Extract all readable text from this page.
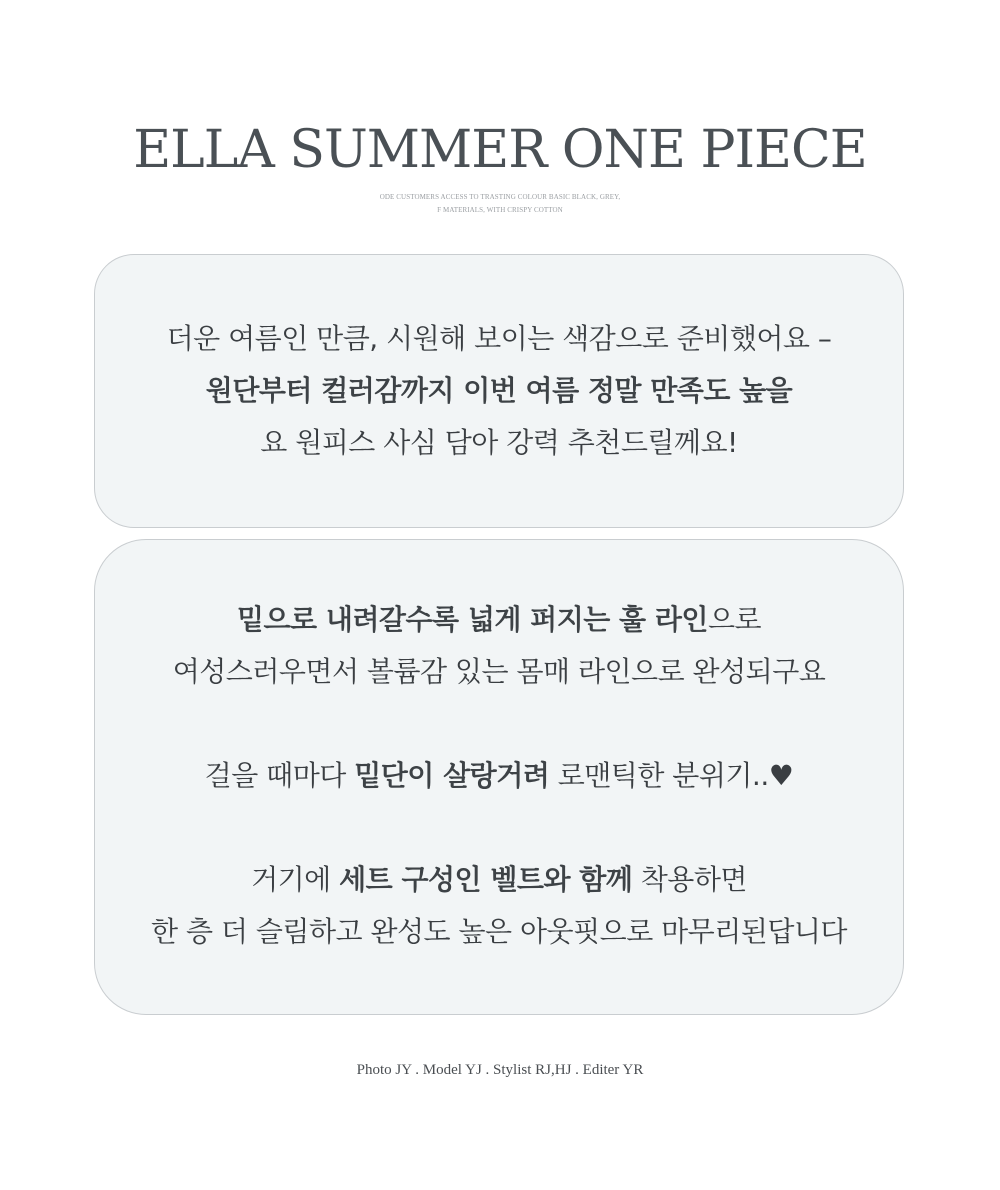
ELLA SUMMER ONE PIECE
ODE CUSTOMERS ACCESS TO TRASTING COLOUR BASIC BLACK, GREY,
F MATERIALS, WITH CRISPY COTTON
더운 여름인 만큼, 시원해 보이는 색감으로 준비했어요 –
원단부터 컬러감까지 이번 여름 정말 만족도 높을
요 원피스 사심 담아 강력 추천드릴께요!
밑으로 내려갈수록 넓게 퍼지는 훌 라인으로
여성스러우면서 볼륨감 있는 몸매 라인으로 완성되구요
걸을 때마다 밑단이 살랑거려 로맨틱한 분위기..♥
거기에 세트 구성인 벨트와 함께 착용하면
한 층 더 슬림하고 완성도 높은 아웃핏으로 마무리된답니다
Photo JY . Model YJ . Stylist RJ,HJ . Editer YR
